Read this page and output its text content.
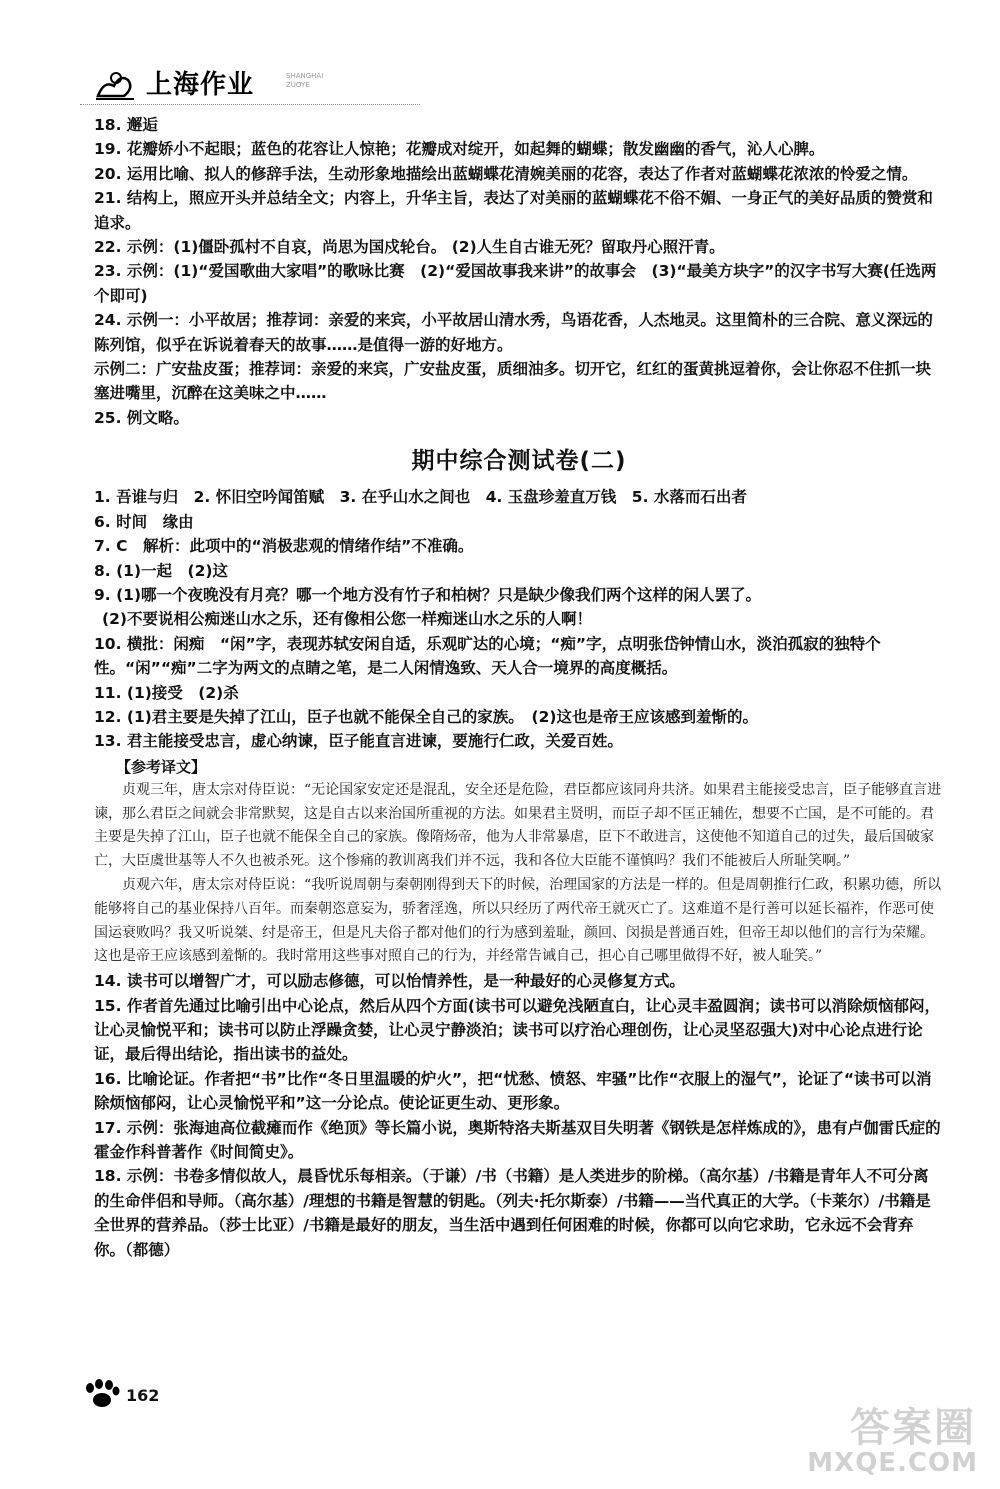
上海作业	SHANGHAI ZUOYE

18. 邂逅

19. 花瓣娇小不起眼；蓝色的花容让人惊艳；花瓣成对绽开，如起舞的蝴蝶；散发幽幽的香气，沁人心脾。

20. 运用比喻、拟人的修辞手法，生动形象地描绘出蓝蝴蝶花清婉美丽的花容，表达了作者对蓝蝴蝶花浓浓的怜爱之情。

21. 结构上，照应开头并总结全文；内容上，升华主旨，表达了对美丽的蓝蝴蝶花不俗不媚、一身正气的美好品质的赞赏和追求。

22. 示例：(1)僵卧孤村不自哀，尚思为国戍轮台。 (2)人生自古谁无死？留取丹心照汗青。

23. 示例：(1)“爱国歌曲大家唱”的歌咏比赛　(2)“爱国故事我来讲”的故事会　(3)“最美方块字”的汉字书写大赛(任选两个即可)

24. 示例一：小平故居；推荐词：亲爱的来宾，小平故居山清水秀，鸟语花香，人杰地灵。这里简朴的三合院、意义深远的陈列馆，似乎在诉说着春天的故事……是值得一游的好地方。

示例二：广安盐皮蛋；推荐词：亲爱的来宾，广安盐皮蛋，质细油多。切开它，红红的蛋黄挑逗着你，会让你忍不住抓一块塞进嘴里，沉醉在这美味之中……

25. 例文略。

期中综合测试卷(二)

1. 吾谁与归　2. 怀旧空吟闻笛赋　3. 在乎山水之间也　4. 玉盘珍羞直万钱　5. 水落而石出者

6. 时间　缘由

7. C　解析：此项中的“消极悲观的情绪作结”不准确。

8. (1)一起　(2)这

9. (1)哪一个夜晚没有月亮？哪一个地方没有竹子和柏树？只是缺少像我们两个这样的闲人罢了。

(2)不要说相公痴迷山水之乐，还有像相公您一样痴迷山水之乐的人啊！

10. 横批：闲痴　“闲”字，表现苏轼安闲自适，乐观旷达的心境；“痴”字，点明张岱钟情山水，淡泊孤寂的独特个性。“闲”“痴”二字为两文的点睛之笔，是二人闲情逸致、天人合一境界的高度概括。

11. (1)接受　(2)杀

12. (1)君主要是失掉了江山，臣子也就不能保全自己的家族。　(2)这也是帝王应该感到羞惭的。

13. 君主能接受忠言，虚心纳谏，臣子能直言进谏，要施行仁政，关爱百姓。

【参考译文】

贞观三年，唐太宗对侍臣说：“无论国家安定还是混乱，安全还是危险，君臣都应该同舟共济。如果君主能接受忠言，臣子能够直言进谏，那么君臣之间就会非常默契，这是自古以来治国所重视的方法。如果君主贤明，而臣子却不匡正辅佐，想要不亡国，是不可能的。君主要是失掉了江山，臣子也就不能保全自己的家族。像隋炀帝，他为人非常暴虐，臣下不敢进言，这使他不知道自己的过失，最后国破家亡，大臣虞世基等人不久也被杀死。这个惨痛的教训离我们并不远，我和各位大臣能不谨慎吗？我们不能被后人所耻笑啊。”

贞观六年，唐太宗对侍臣说：“我听说周朝与秦朝刚得到天下的时候，治理国家的方法是一样的。但是周朝推行仁政，积累功德，所以能够将自己的基业保持八百年。而秦朝恣意妄为，骄奢淫逸，所以只经历了两代帝王就灭亡了。这难道不是行善可以延长福祚，作恶可使国运衰败吗？我又听说桀、纣是帝王，但是凡夫俗子都对他们的行为感到羞耻，颜回、闵损是普通百姓，但帝王却以他们的言行为荣耀。这也是帝王应该感到羞惭的。我时常用这些事对照自己的行为，并经常告诫自己，担心自己哪里做得不好，被人耻笑。”

14. 读书可以增智广才，可以励志修德，可以怡情养性，是一种最好的心灵修复方式。

15. 作者首先通过比喻引出中心论点，然后从四个方面(读书可以避免浅陋直白，让心灵丰盈圆润；读书可以消除烦恼郁闷，让心灵愉悦平和；读书可以防止浮躁贪婪，让心灵宁静淡泊；读书可以疗治心理创伤，让心灵坚忍强大)对中心论点进行论证，最后得出结论，指出读书的益处。

16. 比喻论证。作者把“书”比作“冬日里温暖的炉火”，把“忧愁、愤怒、牢骚”比作“衣服上的湿气”，论证了“读书可以消除烦恼郁闷，让心灵愉悦平和”这一分论点。使论证更生动、更形象。

17. 示例：张海迪高位截瘫而作《绝顶》等长篇小说，奥斯特洛夫斯基双目失明著《钢铁是怎样炼成的》，患有卢伽雷氏症的霍金作科普著作《时间简史》。

18. 示例：书卷多情似故人，晨昏忧乐每相亲。（于谦）/书（书籍）是人类进步的阶梯。（高尔基）/书籍是青年人不可分离的生命伴侣和导师。（高尔基）/理想的书籍是智慧的钥匙。（列夫·托尔斯泰）/书籍——当代真正的大学。（卡莱尔）/书籍是全世界的营养品。（莎士比亚）/书籍是最好的朋友，当生活中遇到任何困难的时候，你都可以向它求助，它永远不会背弃你。（都德）

162
答案圈
MXQE.COM
